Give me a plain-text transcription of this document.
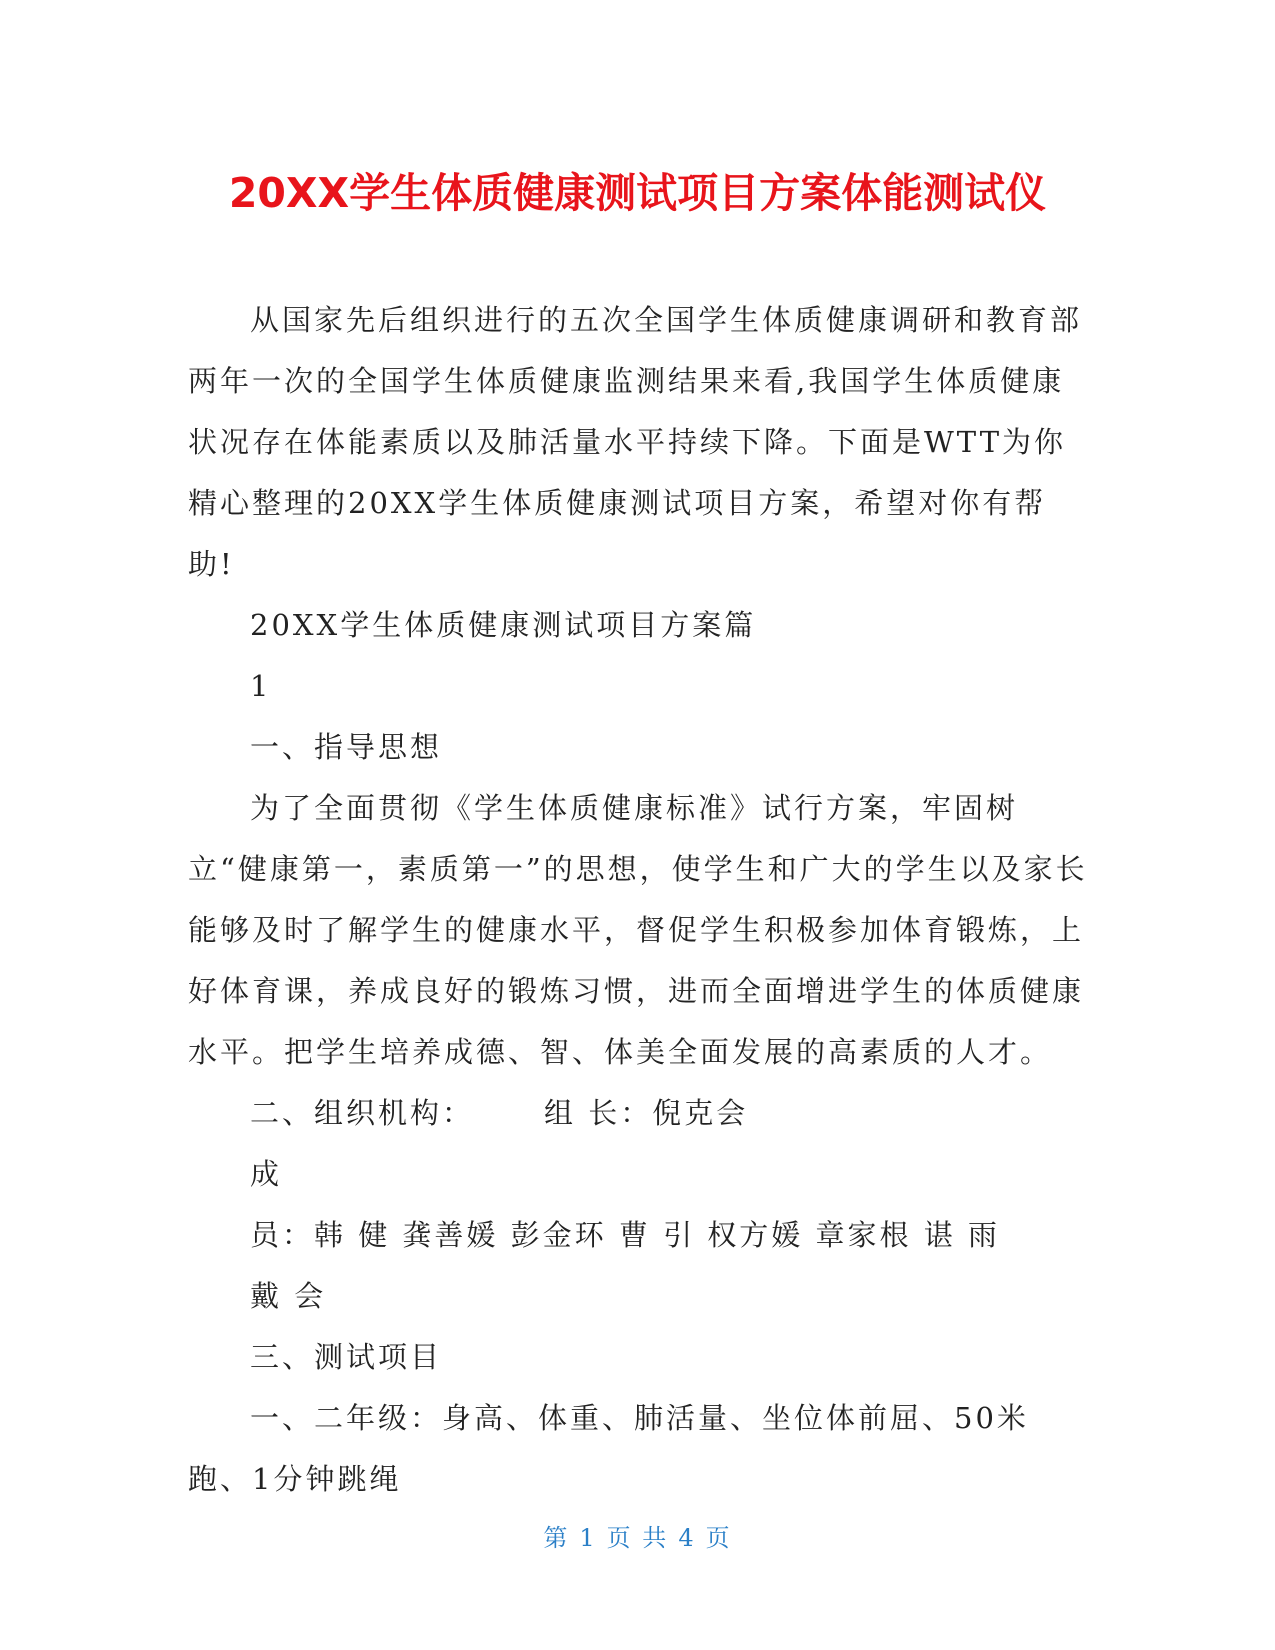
20XX学生体质健康测试项目方案体能测试仪

从国家先后组织进行的五次全国学生体质健康调研和教育部两年一次的全国学生体质健康监测结果来看,我国学生体质健康状况存在体能素质以及肺活量水平持续下降。下面是WTT为你精心整理的20XX学生体质健康测试项目方案，希望对你有帮助!

20XX学生体质健康测试项目方案篇

1

一、指导思想

为了全面贯彻《学生体质健康标准》试行方案，牢固树立“健康第一，素质第一”的思想，使学生和广大的学生以及家长能够及时了解学生的健康水平，督促学生积极参加体育锻炼，上好体育课，养成良好的锻炼习惯，进而全面增进学生的体质健康水平。把学生培养成德、智、体美全面发展的高素质的人才。

二、组织机构： 组 长：倪克会

成

员：韩 健 龚善媛 彭金环 曹 引 权方媛 章家根 谌 雨

戴 会

三、测试项目

一、二年级：身高、体重、肺活量、坐位体前屈、50米跑、1分钟跳绳

第 1 页 共 4 页
